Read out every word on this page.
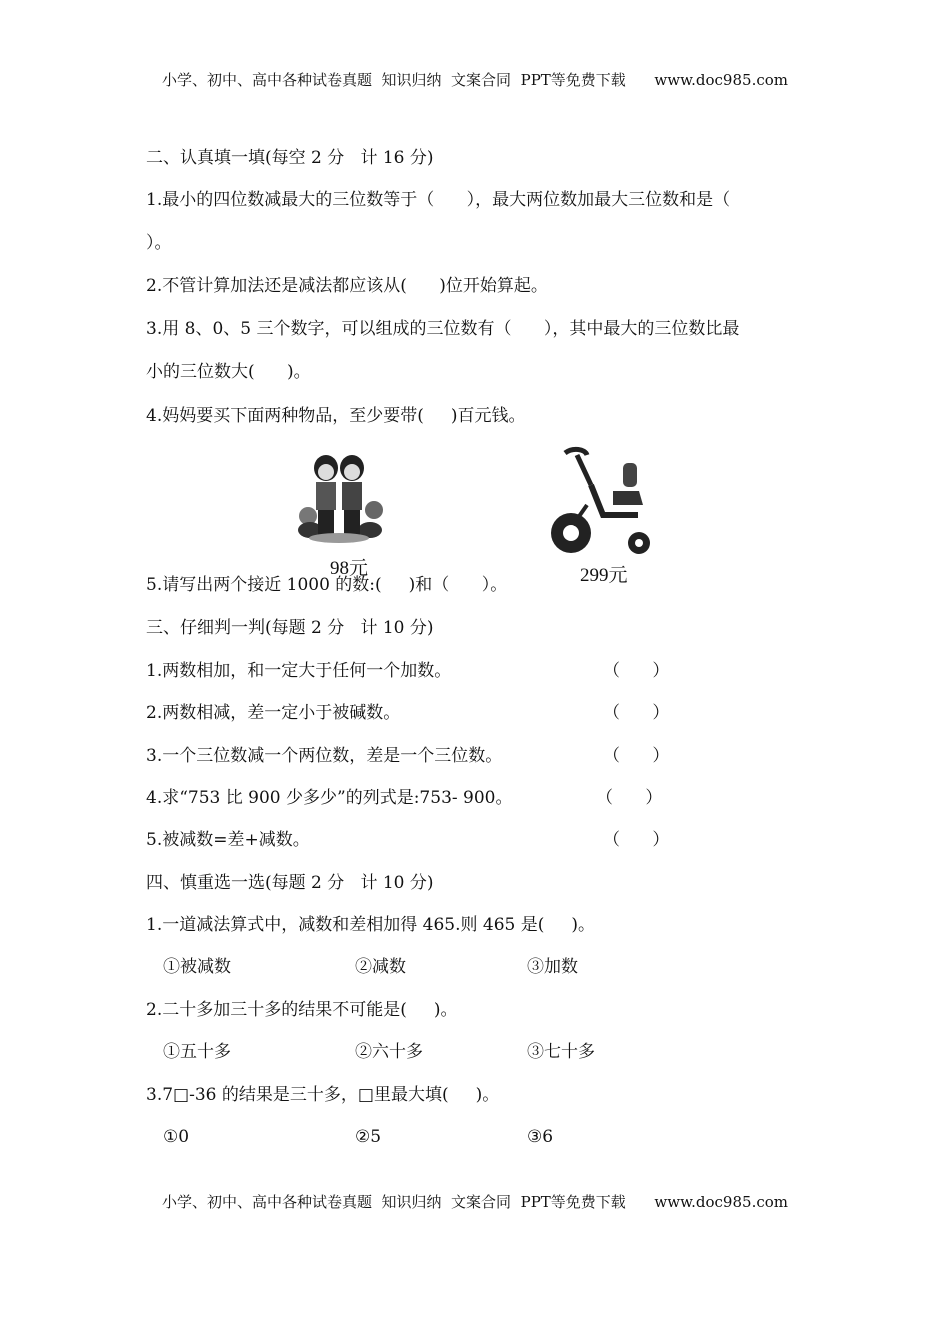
小学、初中、高中各种试卷真题  知识归纳  文案合同  PPT等免费下载      www.doc985.com
二、认真填一填(每空 2 分   计 16 分)
1.最小的四位数减最大的三位数等于（      ），最大两位数加最大三位数和是（
）。
2.不管计算加法还是减法都应该从(      )位开始算起。
3.用 8、0、5 三个数字，可以组成的三位数有（      ），其中最大的三位数比最
小的三位数大(      )。
4.妈妈要买下面两种物品，至少要带(     )百元钱。
98元	299元
5.请写出两个接近 1000 的数:(     )和（      ）。
三、仔细判一判(每题 2 分   计 10 分)
1.两数相加，和一定大于任何一个加数。	（      ）
2.两数相减，差一定小于被碱数。	（      ）
3.一个三位数减一个两位数，差是一个三位数。	（      ）
4.求“753 比 900 少多少”的列式是:753- 900。	（      ）
5.被减数=差+减数。	（      ）
四、慎重选一选(每题 2 分   计 10 分)
1.一道减法算式中，减数和差相加得 465.则 465 是(     )。
①被减数	②减数	③加数
2.二十多加三十多的结果不可能是(     )。
①五十多	②六十多	③七十多
3.7□-36 的结果是三十多，□里最大填(     )。
①0	②5	③6
小学、初中、高中各种试卷真题  知识归纳  文案合同  PPT等免费下载      www.doc985.com
